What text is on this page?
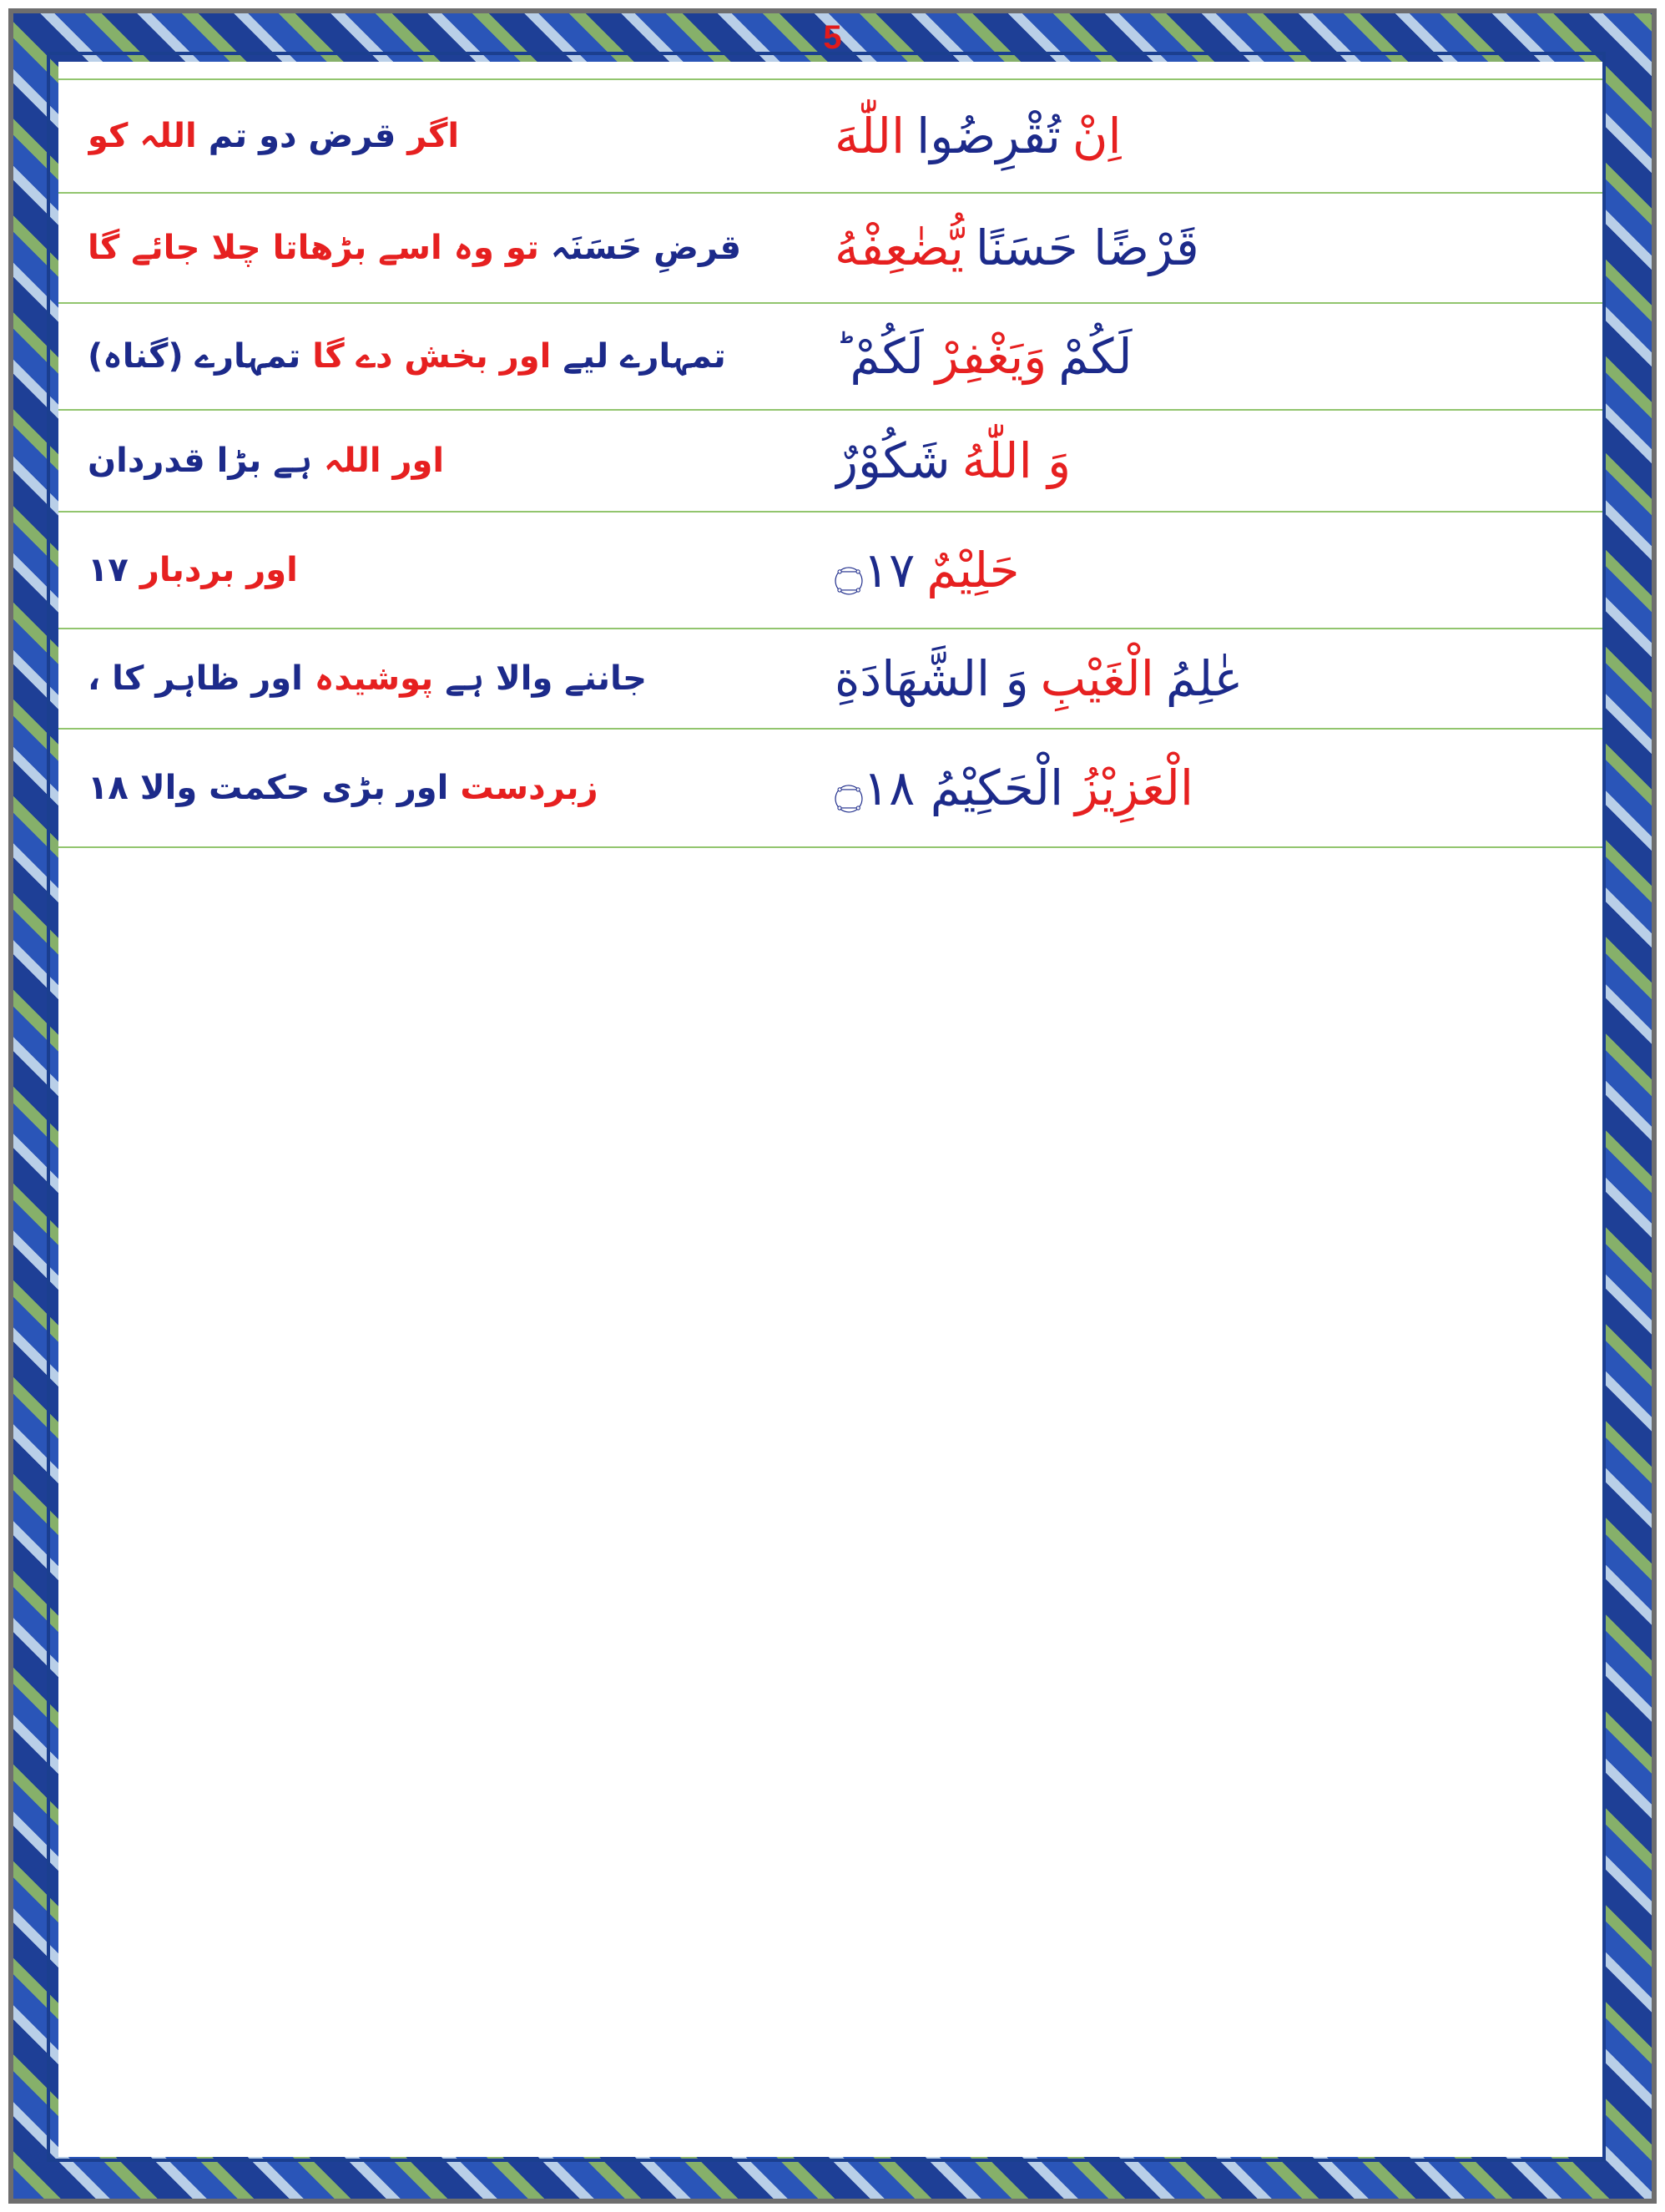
5
اِنْ
تُقْرِضُوا
اللّٰهَ
اگر
قرض دو تم
اللہ کو
قَرْضًا حَسَنًا
يُّضٰعِفْهُ
قرضِ حَسَنَہ
تو وہ اسے بڑھاتا چلا جائے گا
لَكُمْ
وَيَغْفِرْ
لَكُمْ ؕ
تمہارے لیے
اور بخش دے گا
تمہارے (گناہ)
وَ اللّٰهُ
شَكُوْرٌ
اور اللہ
ہے بڑا قدردان
حَلِيْمٌ
۝۱۷
اور بردبار
۱۷
عٰلِمُ
الْغَيْبِ
وَ الشَّهَادَةِ
جاننے والا ہے
پوشیدہ
اور ظاہر کا ،
الْعَزِيْزُ
الْحَكِيْمُ ۝۱۸
زبردست
اور بڑی حکمت والا
۱۸
